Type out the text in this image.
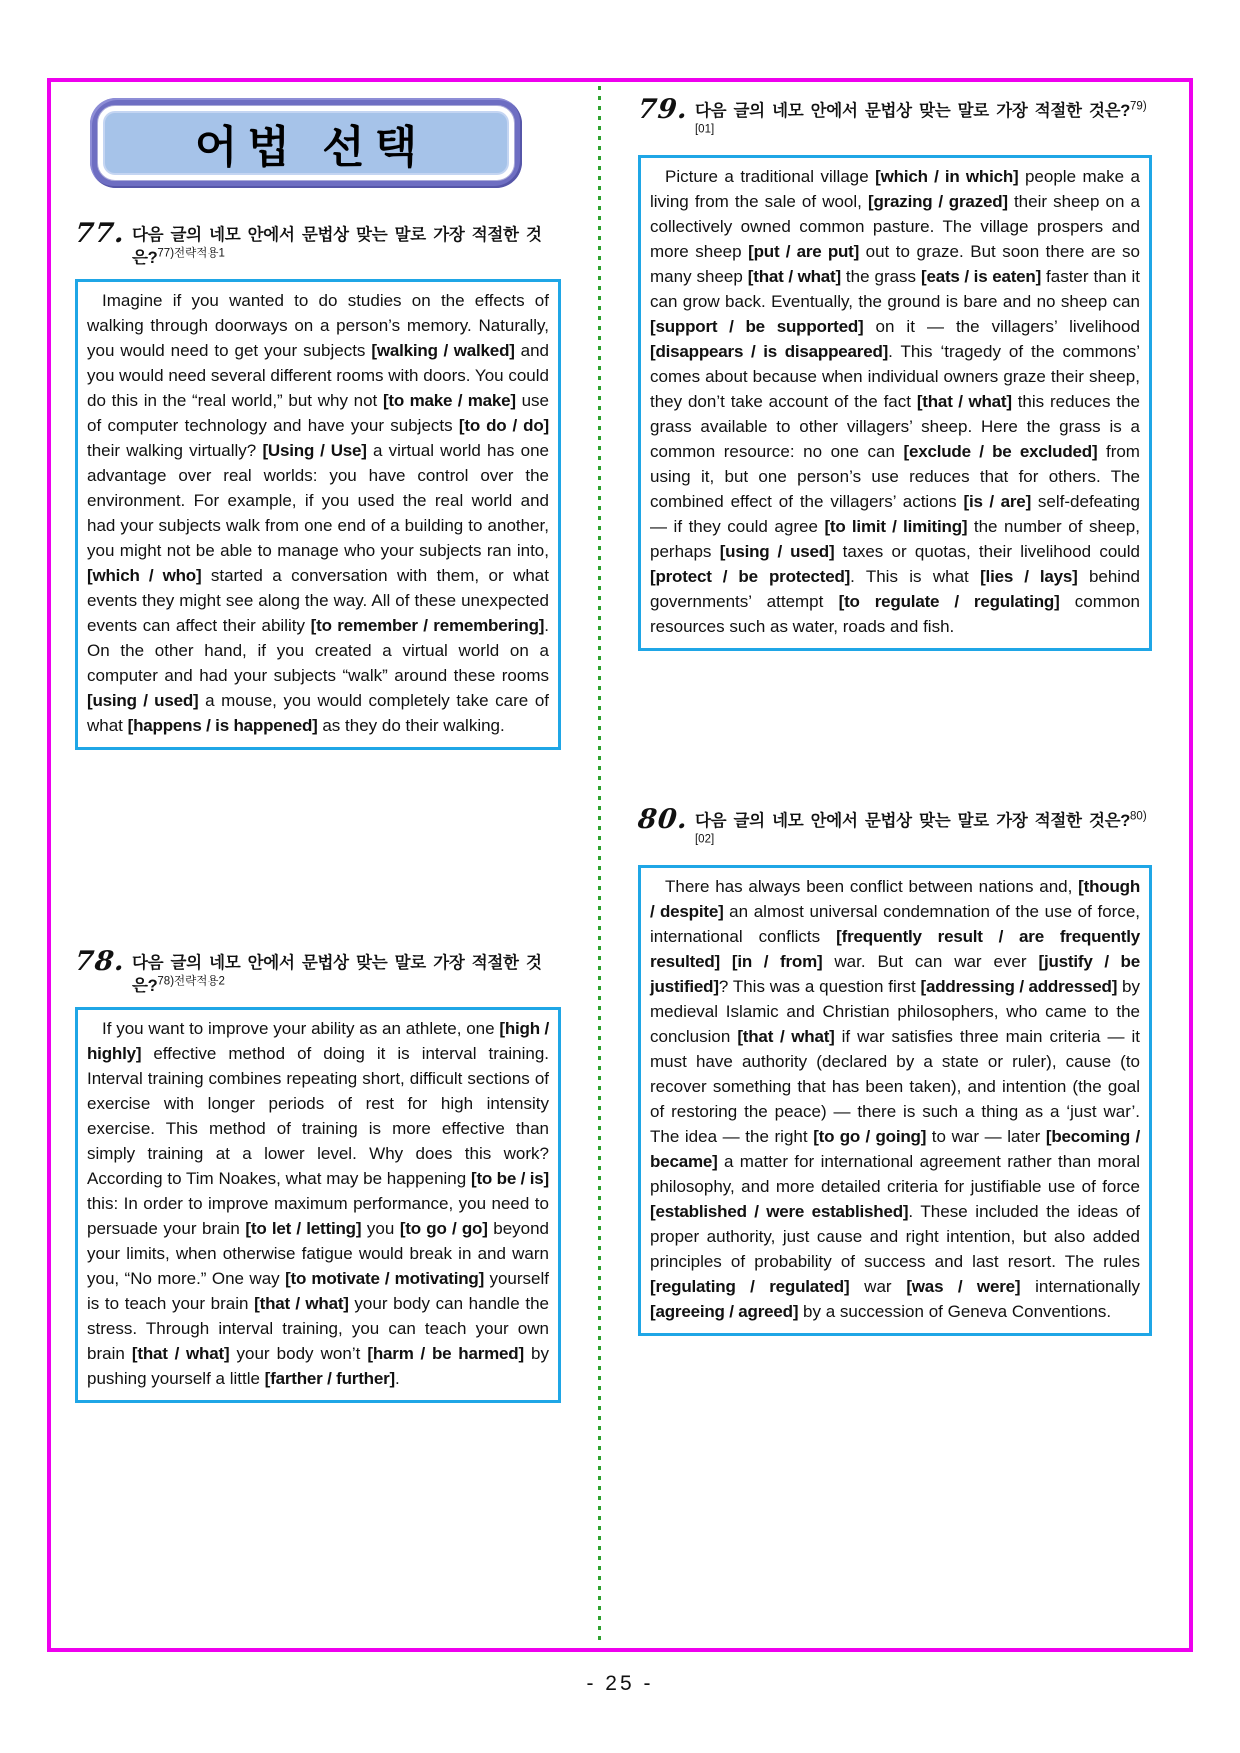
어법 선택
77. 다음 글의 네모 안에서 문법상 맞는 말로 가장 적절한 것은?$^{77)전략적용1}$

Imagine if you wanted to do studies on the effects of walking through doorways on a person’s memory. Naturally, you would need to get your subjects [walking / walked] and you would need several different rooms with doors. You could do this in the “real world,” but why not [to make / make] use of computer technology and have your subjects [to do / do] their walking virtually? [Using / Use] a virtual world has one advantage over real worlds: you have control over the environment. For example, if you used the real world and had your subjects walk from one end of a building to another, you might not be able to manage who your subjects ran into, [which / who] started a conversation with them, or what events they might see along the way. All of these unexpected events can affect their ability [to remember / remembering]. On the other hand, if you created a virtual world on a computer and had your subjects “walk” around these rooms [using / used] a mouse, you would completely take care of what [happens / is happened] as they do their walking.
78. 다음 글의 네모 안에서 문법상 맞는 말로 가장 적절한 것은?$^{78)전략적용2}$

If you want to improve your ability as an athlete, one [high / highly] effective method of doing it is interval training. Interval training combines repeating short, difficult sections of exercise with longer periods of rest for high intensity exercise. This method of training is more effective than simply training at a lower level. Why does this work? According to Tim Noakes, what may be happening [to be / is] this: In order to improve maximum performance, you need to persuade your brain [to let / letting] you [to go / go] beyond your limits, when otherwise fatigue would break in and warn you, “No more.” One way [to motivate / motivating] yourself is to teach your brain [that / what] your body can handle the stress. Through interval training, you can teach your own brain [that / what] your body won’t [harm / be harmed] by pushing yourself a little [farther / further].
79. 다음 글의 네모 안에서 문법상 맞는 말로 가장 적절한 것은?$^{79)[01]}$

Picture a traditional village [which / in which] people make a living from the sale of wool, [grazing / grazed] their sheep on a collectively owned common pasture. The village prospers and more sheep [put / are put] out to graze. But soon there are so many sheep [that / what] the grass [eats / is eaten] faster than it can grow back. Eventually, the ground is bare and no sheep can [support / be supported] on it — the villagers’ livelihood [disappears / is disappeared]. This ‘tragedy of the commons’ comes about because when individual owners graze their sheep, they don’t take account of the fact [that / what] this reduces the grass available to other villagers’ sheep. Here the grass is a common resource: no one can [exclude / be excluded] from using it, but one person’s use reduces that for others. The combined effect of the villagers’ actions [is / are] self-defeating — if they could agree [to limit / limiting] the number of sheep, perhaps [using / used] taxes or quotas, their livelihood could [protect / be protected]. This is what [lies / lays] behind governments’ attempt [to regulate / regulating] common resources such as water, roads and fish.
80. 다음 글의 네모 안에서 문법상 맞는 말로 가장 적절한 것은?$^{80)[02]}$

There has always been conflict between nations and, [though / despite] an almost universal condemnation of the use of force, international conflicts [frequently result / are frequently resulted] [in / from] war. But can war ever [justify / be justified]? This was a question first [addressing / addressed] by medieval Islamic and Christian philosophers, who came to the conclusion [that / what] if war satisfies three main criteria — it must have authority (declared by a state or ruler), cause (to recover something that has been taken), and intention (the goal of restoring the peace) — there is such a thing as a ‘just war’. The idea — the right [to go / going] to war — later [becoming / became] a matter for international agreement rather than moral philosophy, and more detailed criteria for justifiable use of force [established / were established]. These included the ideas of proper authority, just cause and right intention, but also added principles of probability of success and last resort. The rules [regulating / regulated] war [was / were] internationally [agreeing / agreed] by a succession of Geneva Conventions.
- 25 -
